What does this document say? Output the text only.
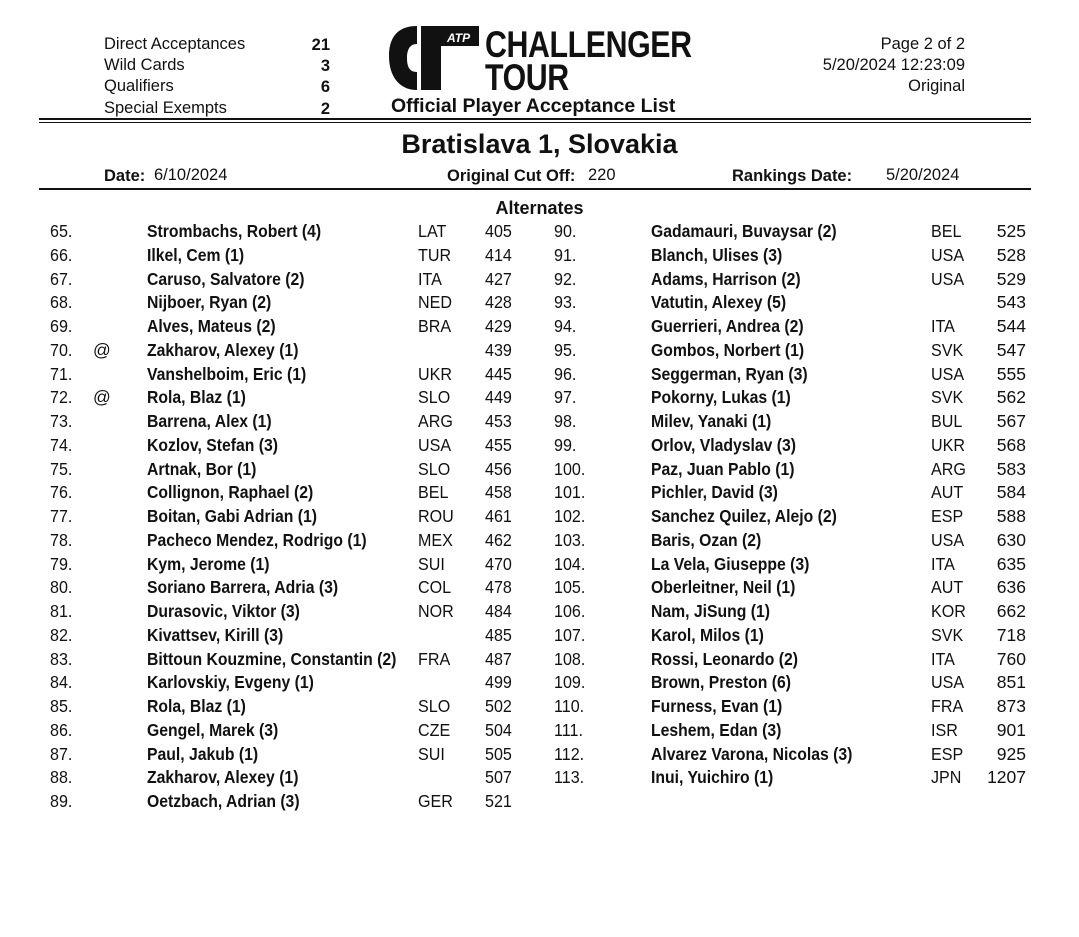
Direct Acceptances	21
Wild Cards	3
Qualifiers	6
Special Exempts	2
ATP CHALLENGER
TOUR
Official Player Acceptance List
Page 2 of 2
5/20/2024 12:23:09
Original
Bratislava 1, Slovakia
Date: 6/10/2024	Original Cut Off: 220	Rankings Date: 5/20/2024
Alternates
65.	Strombachs, Robert (4)	LAT 405
66.	Ilkel, Cem (1)	TUR 414
67.	Caruso, Salvatore (2)	ITA 427
68.	Nijboer, Ryan (2)	NED 428
69.	Alves, Mateus (2)	BRA 429
70. @ Zakharov, Alexey (1)	439
71.	Vanshelboim, Eric (1)	UKR 445
72. @ Rola, Blaz (1)	SLO 449
73.	Barrena, Alex (1)	ARG 453
74.	Kozlov, Stefan (3)	USA 455
75.	Artnak, Bor (1)	SLO 456
76.	Collignon, Raphael (2)	BEL 458
77.	Boitan, Gabi Adrian (1)	ROU 461
78.	Pacheco Mendez, Rodrigo (1)	MEX 462
79.	Kym, Jerome (1)	SUI 470
80.	Soriano Barrera, Adria (3)	COL 478
81.	Durasovic, Viktor (3)	NOR 484
82.	Kivattsev, Kirill (3)	485
83.	Bittoun Kouzmine, Constantin (2) FRA 487
84.	Karlovskiy, Evgeny (1)	499
85.	Rola, Blaz (1)	SLO 502
86.	Gengel, Marek (3)	CZE 504
87.	Paul, Jakub (1)	SUI 505
88.	Zakharov, Alexey (1)	507
89.	Oetzbach, Adrian (3)	GER 521
90.	Gadamauri, Buvaysar (2)	BEL	525
91.	Blanch, Ulises (3)	USA	528
92.	Adams, Harrison (2)	USA	529
93.	Vatutin, Alexey (5)	543
94.	Guerrieri, Andrea (2)	ITA	544
95.	Gombos, Norbert (1)	SVK	547
96.	Seggerman, Ryan (3)	USA	555
97.	Pokorny, Lukas (1)	SVK	562
98.	Milev, Yanaki (1)	BUL	567
99.	Orlov, Vladyslav (3)	UKR	568
100.	Paz, Juan Pablo (1)	ARG	583
101.	Pichler, David (3)	AUT	584
102.	Sanchez Quilez, Alejo (2)	ESP	588
103.	Baris, Ozan (2)	USA	630
104.	La Vela, Giuseppe (3)	ITA	635
105.	Oberleitner, Neil (1)	AUT	636
106.	Nam, JiSung (1)	KOR	662
107.	Karol, Milos (1)	SVK	718
108.	Rossi, Leonardo (2)	ITA	760
109.	Brown, Preston (6)	USA	851
110.	Furness, Evan (1)	FRA	873
111.	Leshem, Edan (3)	ISR	901
112.	Alvarez Varona, Nicolas (3)	ESP	925
113.	Inui, Yuichiro (1)	JPN	1207
